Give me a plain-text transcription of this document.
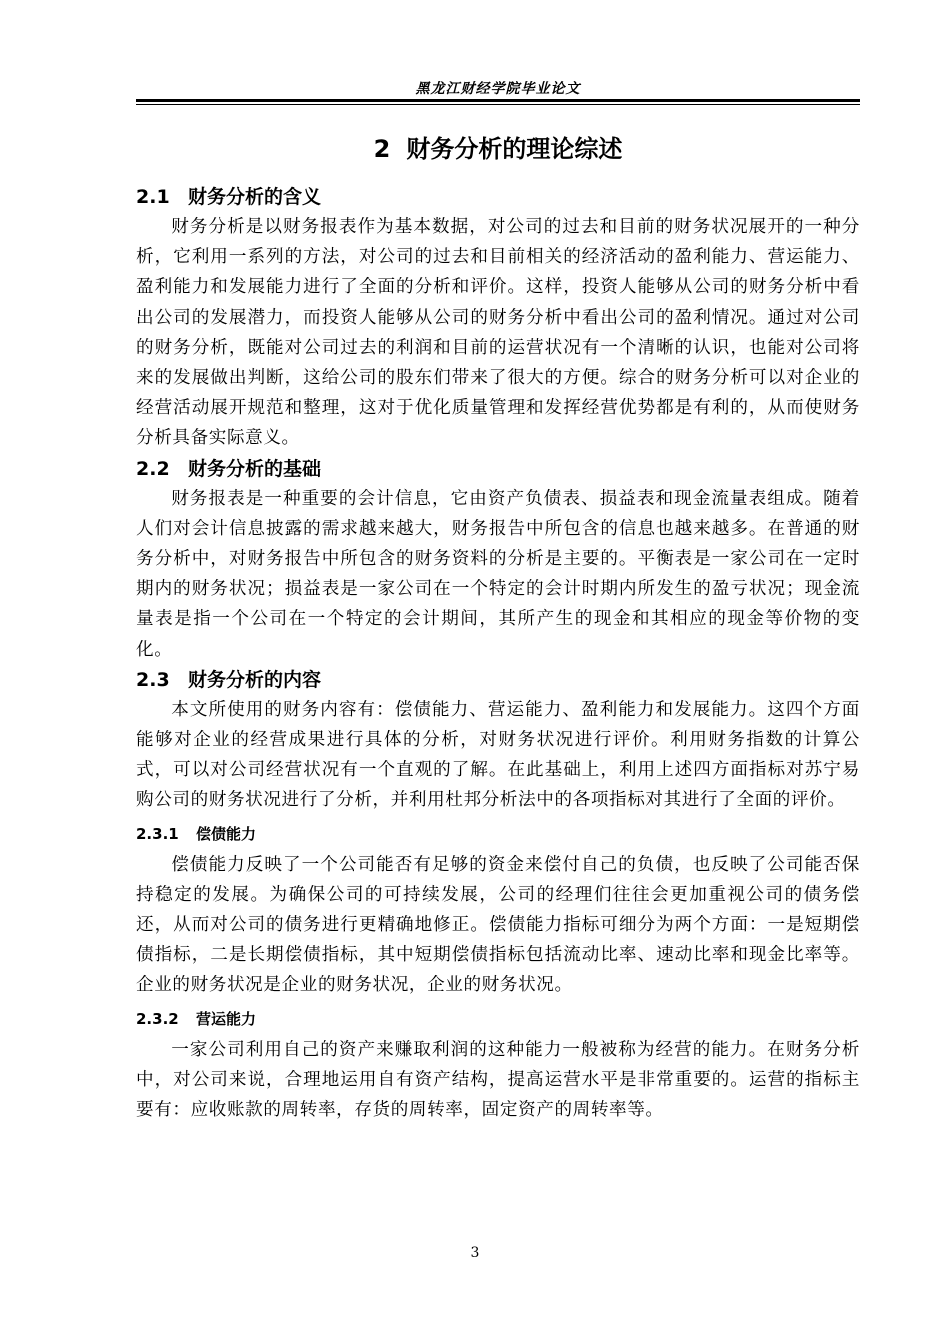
黑龙江财经学院毕业论文
2 财务分析的理论综述
2.1 财务分析的含义

财务分析是以财务报表作为基本数据，对公司的过去和目前的财务状况展开的一种分析，它利用一系列的方法，对公司的过去和目前相关的经济活动的盈利能力、营运能力、盈利能力和发展能力进行了全面的分析和评价。这样，投资人能够从公司的财务分析中看出公司的发展潜力，而投资人能够从公司的财务分析中看出公司的盈利情况。通过对公司的财务分析，既能对公司过去的利润和目前的运营状况有一个清晰的认识，也能对公司将来的发展做出判断，这给公司的股东们带来了很大的方便。综合的财务分析可以对企业的经营活动展开规范和整理，这对于优化质量管理和发挥经营优势都是有利的，从而使财务分析具备实际意义。

2.2 财务分析的基础

财务报表是一种重要的会计信息，它由资产负债表、损益表和现金流量表组成。随着人们对会计信息披露的需求越来越大，财务报告中所包含的信息也越来越多。在普通的财务分析中，对财务报告中所包含的财务资料的分析是主要的。平衡表是一家公司在一定时期内的财务状况；损益表是一家公司在一个特定的会计时期内所发生的盈亏状况；现金流量表是指一个公司在一个特定的会计期间，其所产生的现金和其相应的现金等价物的变化。

2.3 财务分析的内容

本文所使用的财务内容有：偿债能力、营运能力、盈利能力和发展能力。这四个方面能够对企业的经营成果进行具体的分析，对财务状况进行评价。利用财务指数的计算公式，可以对公司经营状况有一个直观的了解。在此基础上，利用上述四方面指标对苏宁易购公司的财务状况进行了分析，并利用杜邦分析法中的各项指标对其进行了全面的评价。

2.3.1 偿债能力

偿债能力反映了一个公司能否有足够的资金来偿付自己的负债，也反映了公司能否保持稳定的发展。为确保公司的可持续发展，公司的经理们往往会更加重视公司的债务偿还，从而对公司的债务进行更精确地修正。偿债能力指标可细分为两个方面：一是短期偿债指标，二是长期偿债指标，其中短期偿债指标包括流动比率、速动比率和现金比率等。企业的财务状况是企业的财务状况，企业的财务状况。

2.3.2 营运能力

一家公司利用自己的资产来赚取利润的这种能力一般被称为经营的能力。在财务分析中，对公司来说，合理地运用自有资产结构，提高运营水平是非常重要的。运营的指标主要有：应收账款的周转率，存货的周转率，固定资产的周转率等。

3
